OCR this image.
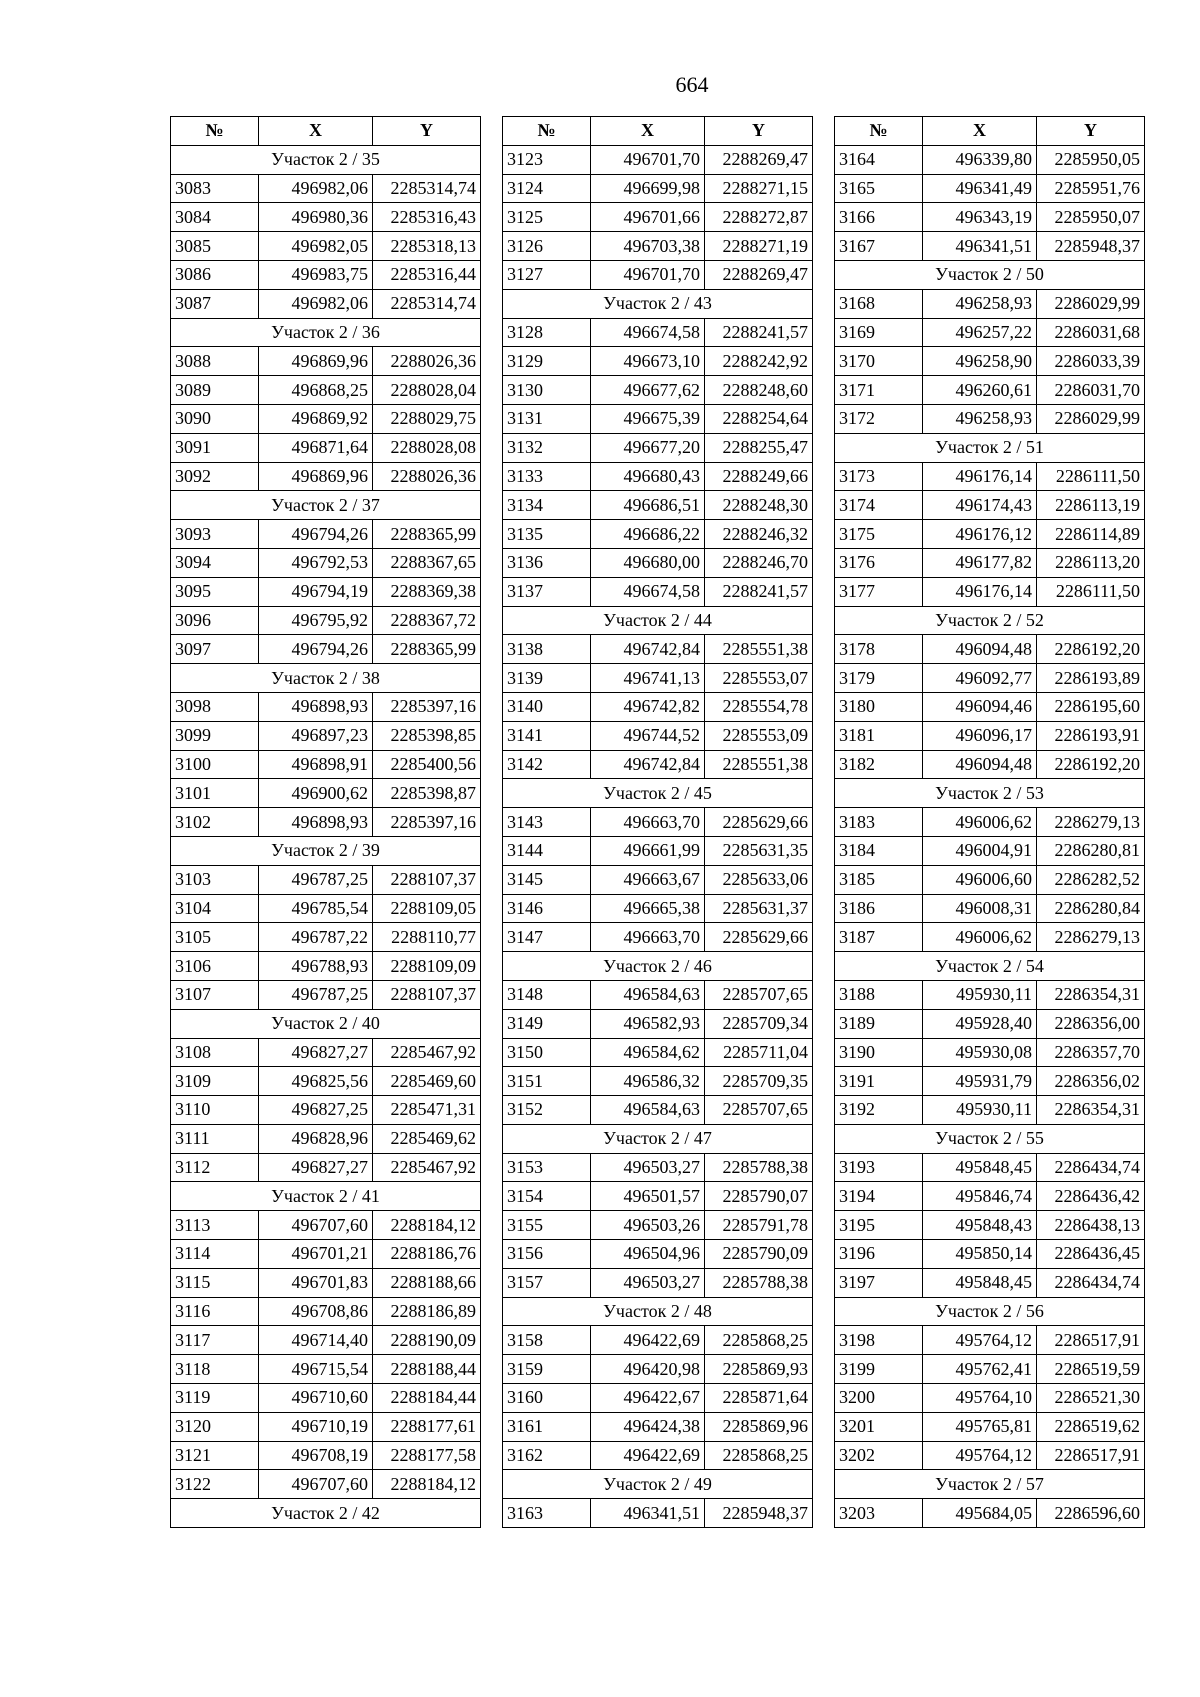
664
№	X	Y
Участок 2 / 35		
3083	496982,06	2285314,74
3084	496980,36	2285316,43
3085	496982,05	2285318,13
3086	496983,75	2285316,44
3087	496982,06	2285314,74
Участок 2 / 36		
3088	496869,96	2288026,36
3089	496868,25	2288028,04
3090	496869,92	2288029,75
3091	496871,64	2288028,08
3092	496869,96	2288026,36
Участок 2 / 37		
3093	496794,26	2288365,99
3094	496792,53	2288367,65
3095	496794,19	2288369,38
3096	496795,92	2288367,72
3097	496794,26	2288365,99
Участок 2 / 38		
3098	496898,93	2285397,16
3099	496897,23	2285398,85
3100	496898,91	2285400,56
3101	496900,62	2285398,87
3102	496898,93	2285397,16
Участок 2 / 39		
3103	496787,25	2288107,37
3104	496785,54	2288109,05
3105	496787,22	2288110,77
3106	496788,93	2288109,09
3107	496787,25	2288107,37
Участок 2 / 40		
3108	496827,27	2285467,92
3109	496825,56	2285469,60
3110	496827,25	2285471,31
3111	496828,96	2285469,62
3112	496827,27	2285467,92
Участок 2 / 41		
3113	496707,60	2288184,12
3114	496701,21	2288186,76
3115	496701,83	2288188,66
3116	496708,86	2288186,89
3117	496714,40	2288190,09
3118	496715,54	2288188,44
3119	496710,60	2288184,44
3120	496710,19	2288177,61
3121	496708,19	2288177,58
3122	496707,60	2288184,12
Участок 2 / 42		
№	X	Y
3123	496701,70	2288269,47
3124	496699,98	2288271,15
3125	496701,66	2288272,87
3126	496703,38	2288271,19
3127	496701,70	2288269,47
Участок 2 / 43		
3128	496674,58	2288241,57
3129	496673,10	2288242,92
3130	496677,62	2288248,60
3131	496675,39	2288254,64
3132	496677,20	2288255,47
3133	496680,43	2288249,66
3134	496686,51	2288248,30
3135	496686,22	2288246,32
3136	496680,00	2288246,70
3137	496674,58	2288241,57
Участок 2 / 44		
3138	496742,84	2285551,38
3139	496741,13	2285553,07
3140	496742,82	2285554,78
3141	496744,52	2285553,09
3142	496742,84	2285551,38
Участок 2 / 45		
3143	496663,70	2285629,66
3144	496661,99	2285631,35
3145	496663,67	2285633,06
3146	496665,38	2285631,37
3147	496663,70	2285629,66
Участок 2 / 46		
3148	496584,63	2285707,65
3149	496582,93	2285709,34
3150	496584,62	2285711,04
3151	496586,32	2285709,35
3152	496584,63	2285707,65
Участок 2 / 47		
3153	496503,27	2285788,38
3154	496501,57	2285790,07
3155	496503,26	2285791,78
3156	496504,96	2285790,09
3157	496503,27	2285788,38
Участок 2 / 48		
3158	496422,69	2285868,25
3159	496420,98	2285869,93
3160	496422,67	2285871,64
3161	496424,38	2285869,96
3162	496422,69	2285868,25
Участок 2 / 49		
3163	496341,51	2285948,37
№	X	Y
3164	496339,80	2285950,05
3165	496341,49	2285951,76
3166	496343,19	2285950,07
3167	496341,51	2285948,37
Участок 2 / 50		
3168	496258,93	2286029,99
3169	496257,22	2286031,68
3170	496258,90	2286033,39
3171	496260,61	2286031,70
3172	496258,93	2286029,99
Участок 2 / 51		
3173	496176,14	2286111,50
3174	496174,43	2286113,19
3175	496176,12	2286114,89
3176	496177,82	2286113,20
3177	496176,14	2286111,50
Участок 2 / 52		
3178	496094,48	2286192,20
3179	496092,77	2286193,89
3180	496094,46	2286195,60
3181	496096,17	2286193,91
3182	496094,48	2286192,20
Участок 2 / 53		
3183	496006,62	2286279,13
3184	496004,91	2286280,81
3185	496006,60	2286282,52
3186	496008,31	2286280,84
3187	496006,62	2286279,13
Участок 2 / 54		
3188	495930,11	2286354,31
3189	495928,40	2286356,00
3190	495930,08	2286357,70
3191	495931,79	2286356,02
3192	495930,11	2286354,31
Участок 2 / 55		
3193	495848,45	2286434,74
3194	495846,74	2286436,42
3195	495848,43	2286438,13
3196	495850,14	2286436,45
3197	495848,45	2286434,74
Участок 2 / 56		
3198	495764,12	2286517,91
3199	495762,41	2286519,59
3200	495764,10	2286521,30
3201	495765,81	2286519,62
3202	495764,12	2286517,91
Участок 2 / 57		
3203	495684,05	2286596,60
